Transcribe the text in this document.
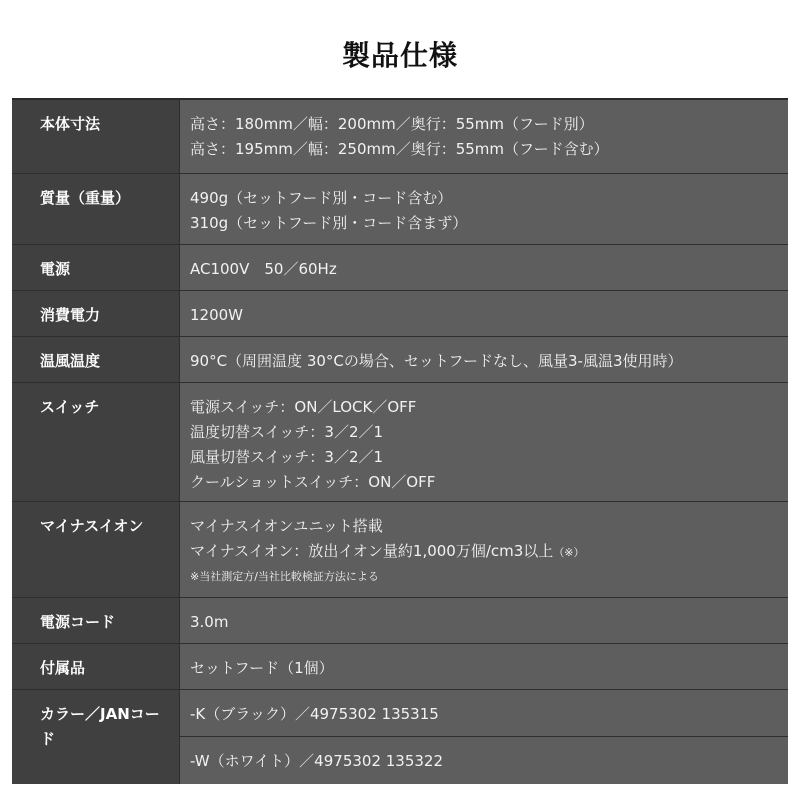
製品仕様
本体寸法	高さ：180mm／幅：200mm／奥行：55mm（フード別）
高さ：195mm／幅：250mm／奥行：55mm（フード含む）
質量（重量）	490g（セットフード別・コード含む）
310g（セットフード別・コード含まず）
電源	AC100V　50／60Hz
消費電力	1200W
温風温度	90°C（周囲温度 30°Cの場合、セットフードなし、風量3-風温3使用時）
スイッチ	電源スイッチ：ON／LOCK／OFF
温度切替スイッチ：3／2／1
風量切替スイッチ：3／2／1
クールショットスイッチ：ON／OFF
マイナスイオン	マイナスイオンユニット搭載
マイナスイオン：放出イオン量約1,000万個/cm3以上（※）
※当社測定方/当社比較検証方法による
電源コード	3.0m
付属品	セットフード（1個）
カラー／JANコード
-K（ブラック）／4975302 135315
-W（ホワイト）／4975302 135322
